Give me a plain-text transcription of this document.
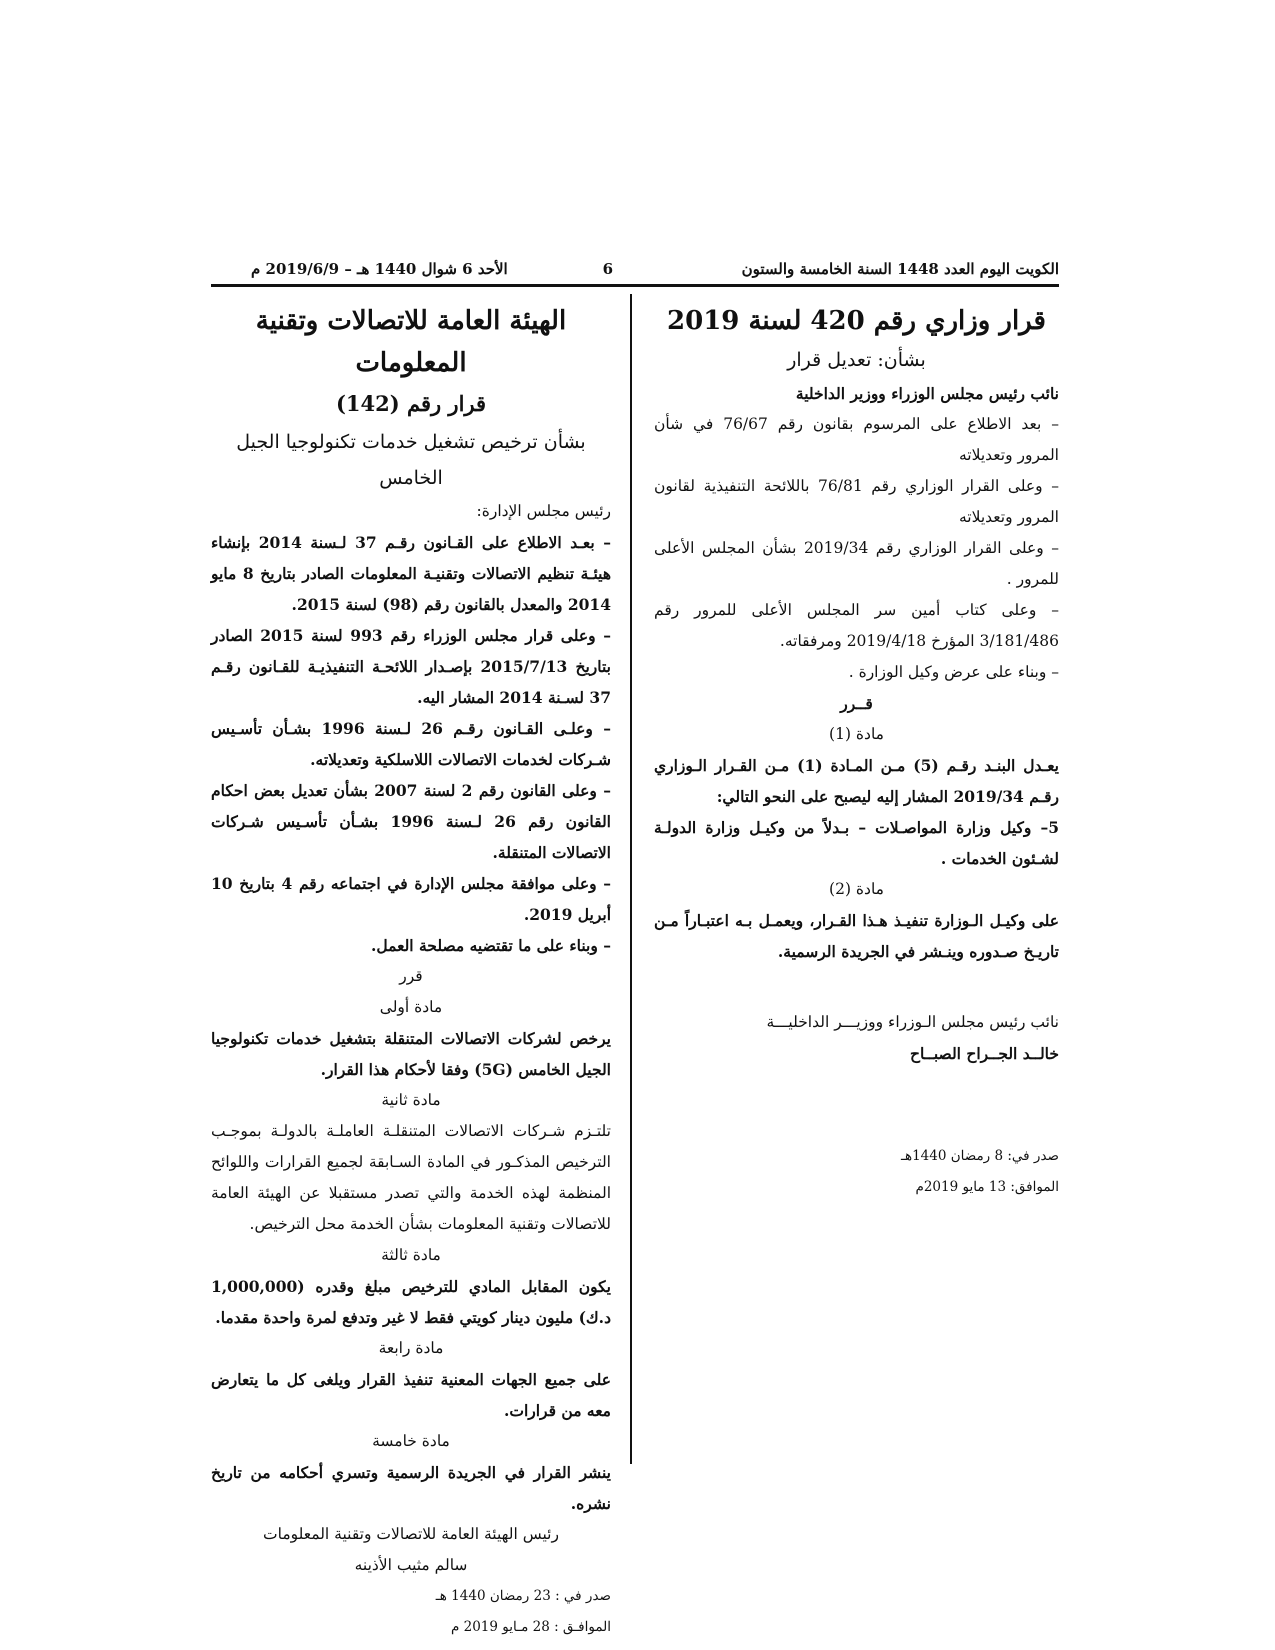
الكويت اليوم العدد 1448 السنة الخامسة والستون
6
الأحد 6 شوال 1440 هـ – 2019/6/9 م

قرار وزاري رقم 420 لسنة 2019

بشأن: تعديل قرار

نائب رئيس مجلس الوزراء ووزير الداخلية

– بعد الاطلاع على المرسوم بقانون رقم 76/67 في شأن المرور وتعديلاته

– وعلى القرار الوزاري رقم 76/81 باللائحة التنفيذية لقانون المرور وتعديلاته

– وعلى القرار الوزاري رقم 2019/34 بشأن المجلس الأعلى للمرور .

– وعلى كتاب أمين سر المجلس الأعلى للمرور رقم 3/181/486 المؤرخ 2019/4/18 ومرفقاته.

– وبناء على عرض وكيل الوزارة .

قــرر

مادة (1)

يعـدل البنـد رقـم (5) مـن المـادة (1) مـن القـرار الـوزاري رقـم 2019/34 المشار إليه ليصبح على النحو التالي:

5– وكيل وزارة المواصـلات – بـدلاً من وكيـل وزارة الدولـة لشـئون الخدمات .

مادة (2)

على وكيـل الـوزارة تنفيـذ هـذا القـرار، ويعمـل بـه اعتبـاراً مـن تاريـخ صـدوره وينـشر في الجريدة الرسمية.

نائب رئيس مجلس الـوزراء ووزيـــر الداخليـــة

خالــد الجــراح الصبــاح

صدر في: 8 رمضان 1440هـ

الموافق: 13 مايو 2019م

الهيئة العامة للاتصالات وتقنية المعلومات

قرار رقم (142)

بشأن ترخيص تشغيل خدمات تكنولوجيا الجيل الخامس

رئيس مجلس الإدارة:

– بعـد الاطلاع على القـانون رقـم 37 لـسنة 2014 بإنشاء هيئـة تنظيم الاتصالات وتقنيـة المعلومات الصادر بتاريخ 8 مايو 2014 والمعدل بالقانون رقم (98) لسنة 2015.

– وعلى قرار مجلس الوزراء رقم 993 لسنة 2015 الصادر بتاريخ 2015/7/13 بإصـدار اللائحـة التنفيذيـة للقـانون رقـم 37 لسـنة 2014 المشار اليه.

– وعلـى القـانون رقـم 26 لـسنة 1996 بشـأن تأسـيس شـركات لخدمات الاتصالات اللاسلكية وتعديلاته.

– وعلى القانون رقم 2 لسنة 2007 بشأن تعديل بعض احكام القانون رقم 26 لـسنة 1996 بشـأن تأسـيس شـركات الاتصالات المتنقلة.

– وعلى موافقة مجلس الإدارة في اجتماعه رقم 4 بتاريخ 10 أبريل 2019.

– وبناء على ما تقتضيه مصلحة العمل.

قرر

مادة أولى

يرخص لشركات الاتصالات المتنقلة بتشغيل خدمات تكنولوجيا الجيل الخامس (5G) وفقا لأحكام هذا القرار.

مادة ثانية

تلتـزم شـركات الاتصالات المتنقلـة العاملـة بالدولـة بموجـب الترخيص المذكـور في المادة السـابقة لجميع القرارات واللوائح المنظمة لهذه الخدمة والتي تصدر مستقبلا عن الهيئة العامة للاتصالات وتقنية المعلومات بشأن الخدمة محل الترخيص.

مادة ثالثة

يكون المقابل المادي للترخيص مبلغ وقدره (1,000,000 د.ك) مليون دينار كويتي فقط لا غير وتدفع لمرة واحدة مقدما.

مادة رابعة

على جميع الجهات المعنية تنفيذ القرار ويلغى كل ما يتعارض معه من قرارات.

مادة خامسة

ينشر القرار في الجريدة الرسمية وتسري أحكامه من تاريخ نشره.

رئيس الهيئة العامة للاتصالات وتقنية المعلومات

سالم مثيب الأذينه

صدر في : 23 رمضان 1440 هـ

الموافـق : 28 مـايو 2019 م
